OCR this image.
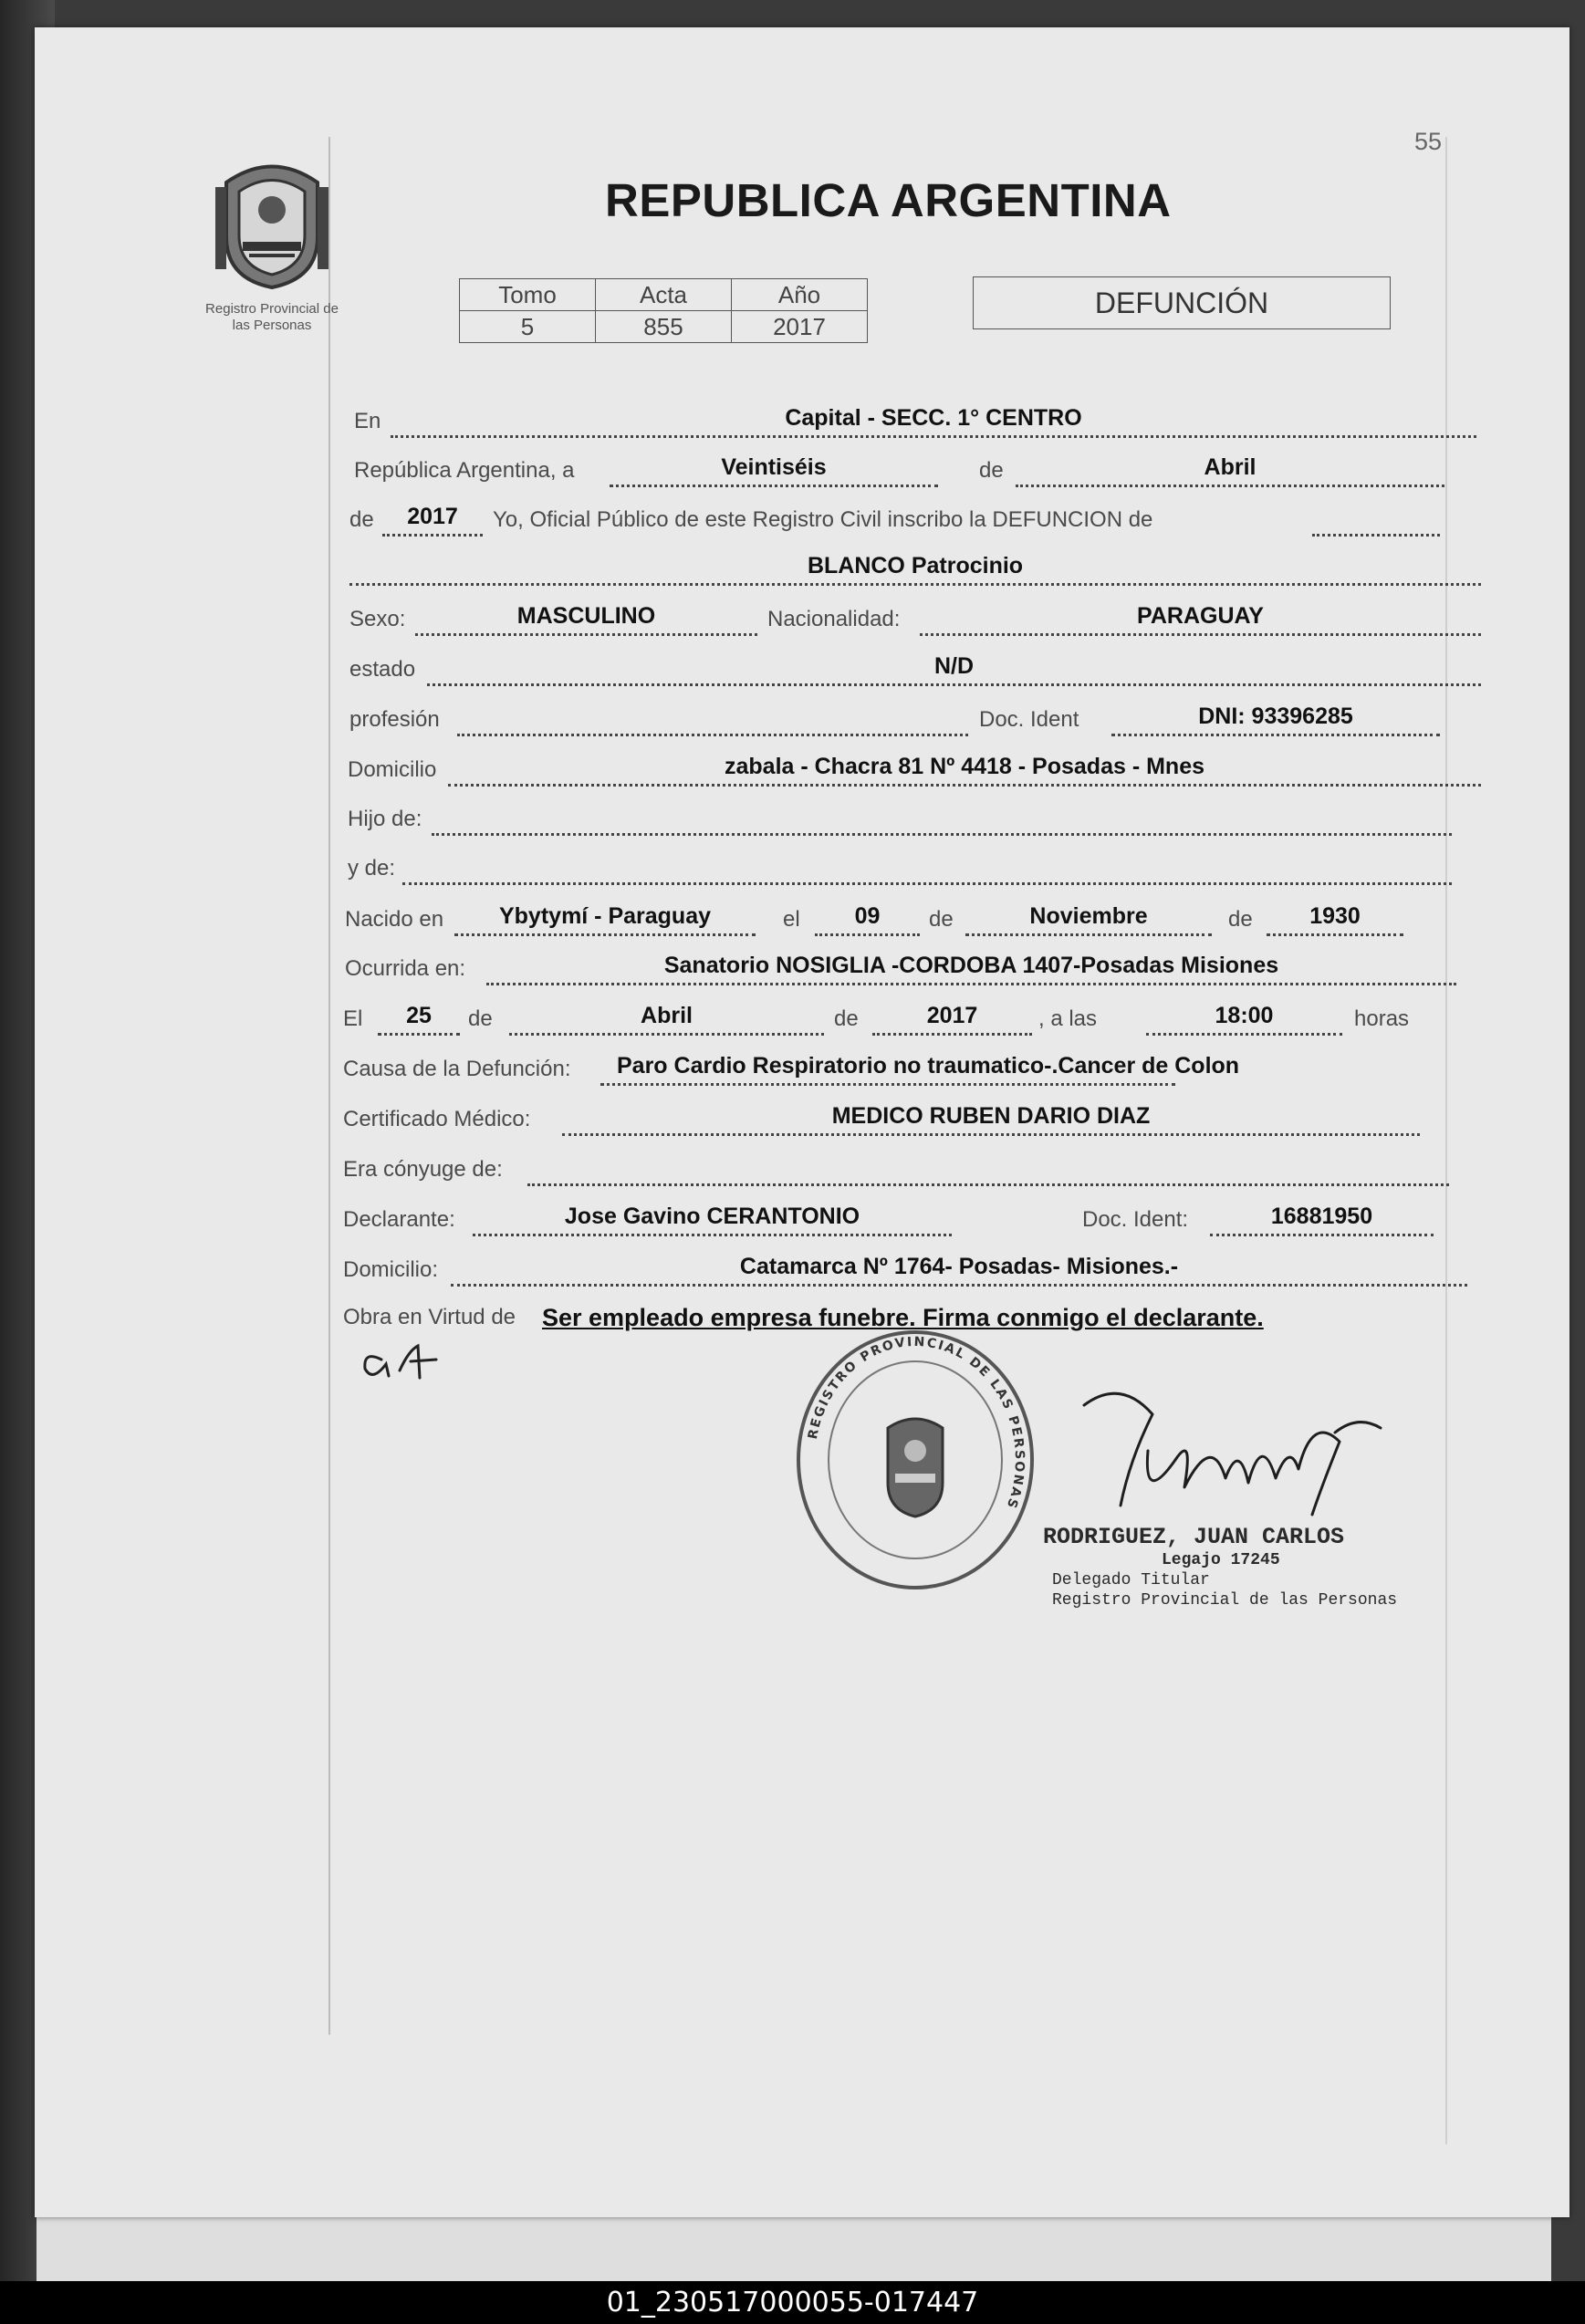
55
Registro Provincial de
las Personas
REPUBLICA ARGENTINA
Tomo	Acta	Año
5	855	2017
DEFUNCIÓN
En	Capital - SECC. 1° CENTRO
República Argentina, a	Veintiséis	de	Abril
de 2017 Yo, Oficial Público de este Registro Civil inscribo la DEFUNCION de
BLANCO Patrocinio
Sexo:	MASCULINO	Nacionalidad:	PARAGUAY
estado	N/D
profesión	Doc. Ident	DNI: 93396285
Domicilio	zabala - Chacra 81 Nº 4418 - Posadas - Mnes
Hijo de:
y de:
Nacido en Ybytymí - Paraguay	el 09 de	Noviembre	de 1930
Ocurrida en:	Sanatorio NOSIGLIA -CORDOBA 1407-Posadas Misiones
El 25 de	Abril	de	2017	, a las	18:00	horas
Causa de la Defunción: Paro Cardio Respiratorio no traumatico-.Cancer de Colon
Certificado Médico:	MEDICO RUBEN DARIO DIAZ
Era cónyuge de:
Declarante:	Jose Gavino CERANTONIO	Doc. Ident:	16881950
Domicilio:	Catamarca Nº 1764- Posadas- Misiones.-
Obra en Virtud de Ser empleado empresa funebre. Firma conmigo el declarante.
REGISTRO PROVINCIAL DE LAS PERSONAS
RODRIGUEZ, JUAN CARLOS
Legajo 17245
Delegado Titular
Registro Provincial de las Personas
01_230517000055-017447
